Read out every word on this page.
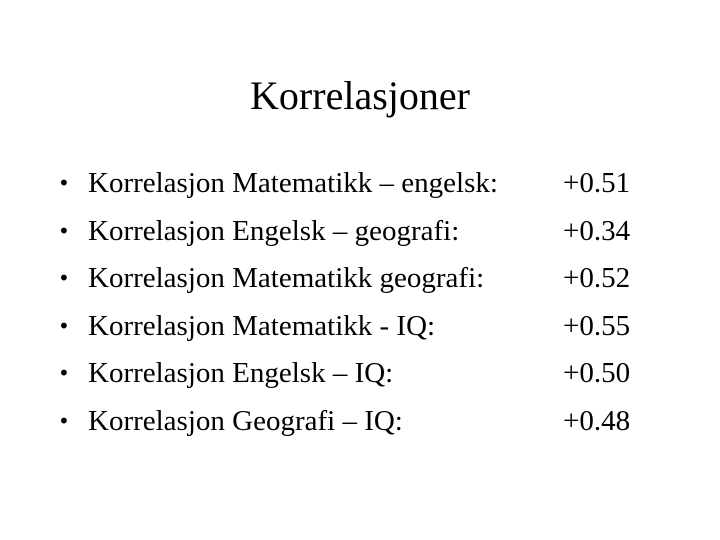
Korrelasjoner
• Korrelasjon Matematikk – engelsk: +0.51
• Korrelasjon Engelsk – geografi:	+0.34
• Korrelasjon Matematikk geografi:	+0.52
• Korrelasjon Matematikk - IQ:	+0.55
• Korrelasjon Engelsk – IQ:	+0.50
• Korrelasjon Geografi – IQ:	+0.48
